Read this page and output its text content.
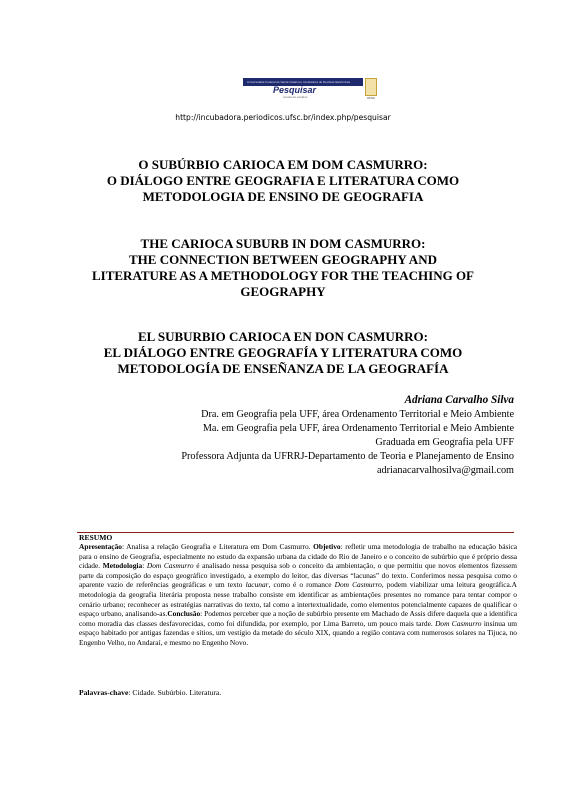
Universidade Federal de Santa Catarina | Incubadora de Revistas Eletrônicas
Pesquisar
revista de estudos	UFSC
http://incubadora.periodicos.ufsc.br/index.php/pesquisar
O SUBÚRBIO CARIOCA EM DOM CASMURRO:
O DIÁLOGO ENTRE GEOGRAFIA E LITERATURA COMO
METODOLOGIA DE ENSINO DE GEOGRAFIA
THE CARIOCA SUBURB IN DOM CASMURRO:
THE CONNECTION BETWEEN GEOGRAPHY AND
LITERATURE AS A METHODOLOGY FOR THE TEACHING OF
GEOGRAPHY
EL SUBURBIO CARIOCA EN DON CASMURRO:
EL DIÁLOGO ENTRE GEOGRAFÍA Y LITERATURA COMO
METODOLOGÍA DE ENSEÑANZA DE LA GEOGRAFÍA
Adriana Carvalho Silva
Dra. em Geografia pela UFF, área Ordenamento Territorial e Meio Ambiente
Ma. em Geografia pela UFF, área Ordenamento Territorial e Meio Ambiente
Graduada em Geografia pela UFF
Professora Adjunta da UFRRJ-Departamento de Teoria e Planejamento de Ensino
adrianacarvalhosilva@gmail.com
RESUMO
Apresentação: Analisa a relação Geografia e Literatura em Dom Casmurro. Objetivo: refletir uma metodologia de trabalho na educação básica para o ensino de Geografia, especialmente no estudo da expansão urbana da cidade do Rio de Janeiro e o conceito de subúrbio que é próprio dessa cidade. Metodologia: Dom Casmurro é analisado nessa pesquisa sob o conceito da ambientação, o que permitiu que novos elementos fizessem parte da composição do espaço geográfico investigado, a exemplo do leitor, das diversas “lacunas” do texto. Conferimos nessa pesquisa como o aparente vazio de referências geográficas e um texto lacunar, como é o romance Dom Casmurro, podem viabilizar uma leitura geográfica.A metodologia da geografia literária proposta nesse trabalho consiste em identificar as ambientações presentes no romance para tentar compor o cenário urbano; reconhecer as estratégias narrativas do texto, tal como a intertextualidade, como elementos potencialmente capazes de qualificar o espaço urbano, analisando-as.Conclusão: Podemos perceber que a noção de subúrbio presente em Machado de Assis difere daquela que a identifica como moradia das classes desfavorecidas, como foi difundida, por exemplo, por Lima Barreto, um pouco mais tarde. Dom Casmurro insinua um espaço habitado por antigas fazendas e sítios, um vestígio da metade do século XIX, quando a região contava com numerosos solares na Tijuca, no Engenho Velho, no Andaraí, e mesmo no Engenho Novo.
Palavras-chave: Cidade. Subúrbio. Literatura.
